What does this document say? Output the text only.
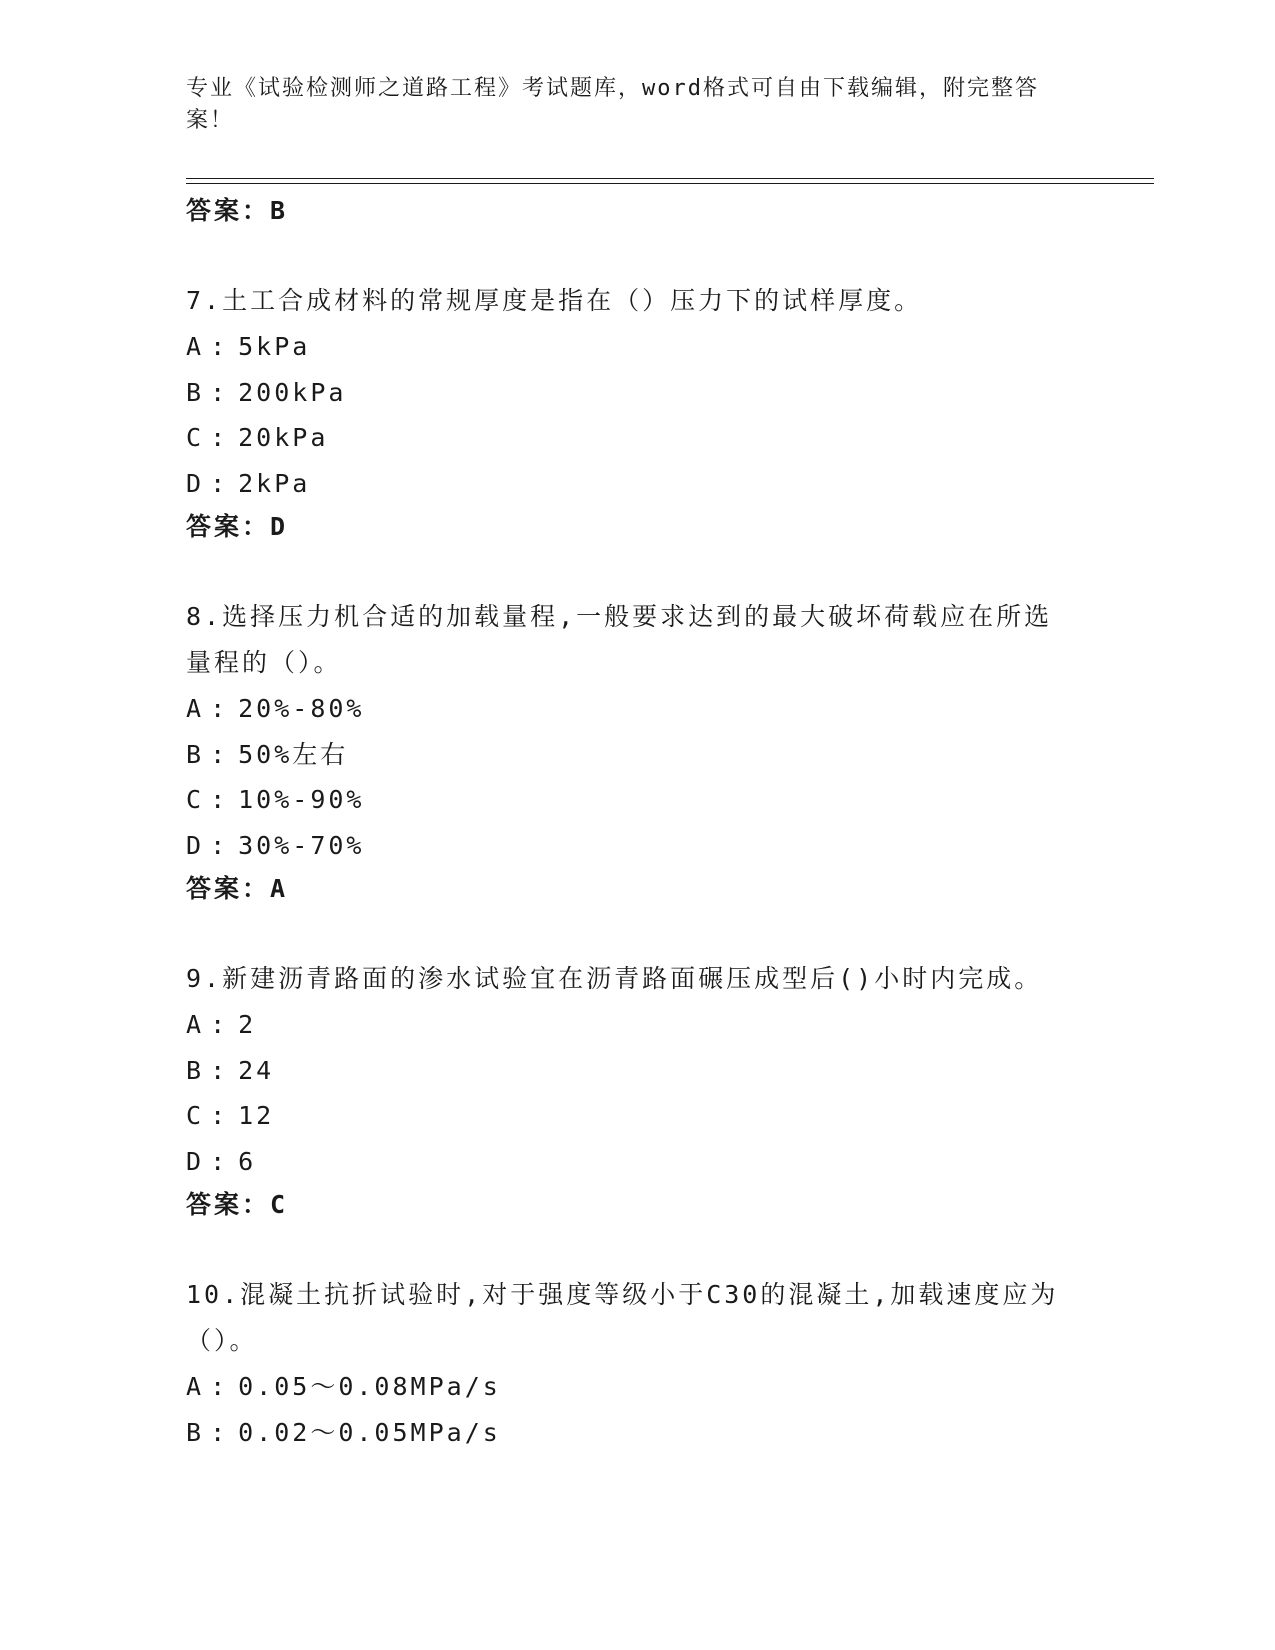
专业《试验检测师之道路工程》考试题库，word格式可自由下载编辑，附完整答案！
答案：B
7.土工合成材料的常规厚度是指在（）压力下的试样厚度。
A : 5kPa
B : 200kPa
C : 20kPa
D : 2kPa
答案：D
8.选择压力机合适的加载量程,一般要求达到的最大破坏荷载应在所选
量程的（）。
A : 20%-80%
B : 50%左右
C : 10%-90%
D : 30%-70%
答案：A
9.新建沥青路面的渗水试验宜在沥青路面碾压成型后()小时内完成。
A : 2
B : 24
C : 12
D : 6
答案：C
10.混凝土抗折试验时,对于强度等级小于C30的混凝土,加载速度应为
（）。
A : 0.05～0.08MPa/s
B : 0.02～0.05MPa/s
